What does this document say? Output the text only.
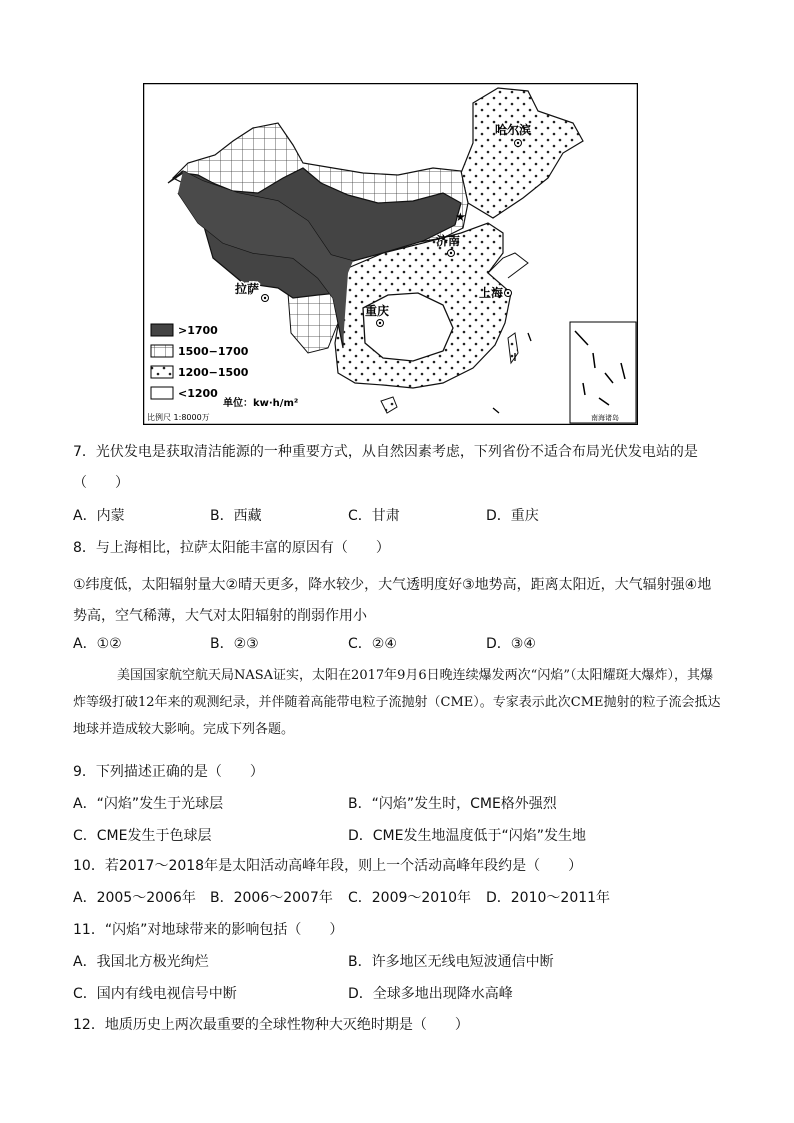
哈尔滨
★
济南
拉萨
重庆
上海
>1700
1500−1700
1200−1500
<1200
单位：kw·h/m²
比例尺 1:8000万	南海诸岛
7．光伏发电是获取清洁能源的一种重要方式，从自然因素考虑，下列省份不适合布局光伏发电站的是
（　　）
A．内蒙	B．西藏	C．甘肃	D．重庆
8．与上海相比，拉萨太阳能丰富的原因有（　　）
①纬度低，太阳辐射量大②晴天更多，降水较少，大气透明度好③地势高，距离太阳近，大气辐射强④地势高，空气稀薄，大气对太阳辐射的削弱作用小
A．①②	B．②③	C．②④	D．③④
美国国家航空航天局NASA证实，太阳在2017年9月6日晚连续爆发两次“闪焰”（太阳耀斑大爆炸），其爆炸等级打破12年来的观测纪录，并伴随着高能带电粒子流抛射（CME）。专家表示此次CME抛射的粒子流会抵达地球并造成较大影响。完成下列各题。
9．下列描述正确的是（　　）
A．“闪焰”发生于光球层	B．“闪焰”发生时，CME格外强烈
C．CME发生于色球层	D．CME发生地温度低于“闪焰”发生地
10．若2017～2018年是太阳活动高峰年段，则上一个活动高峰年段约是（　　）
A．2005～2006年 B．2006～2007年 C．2009～2010年 D．2010～2011年
11．“闪焰”对地球带来的影响包括（　　）
A．我国北方极光绚烂	B．许多地区无线电短波通信中断
C．国内有线电视信号中断	D．全球多地出现降水高峰
12．地质历史上两次最重要的全球性物种大灭绝时期是（　　）
